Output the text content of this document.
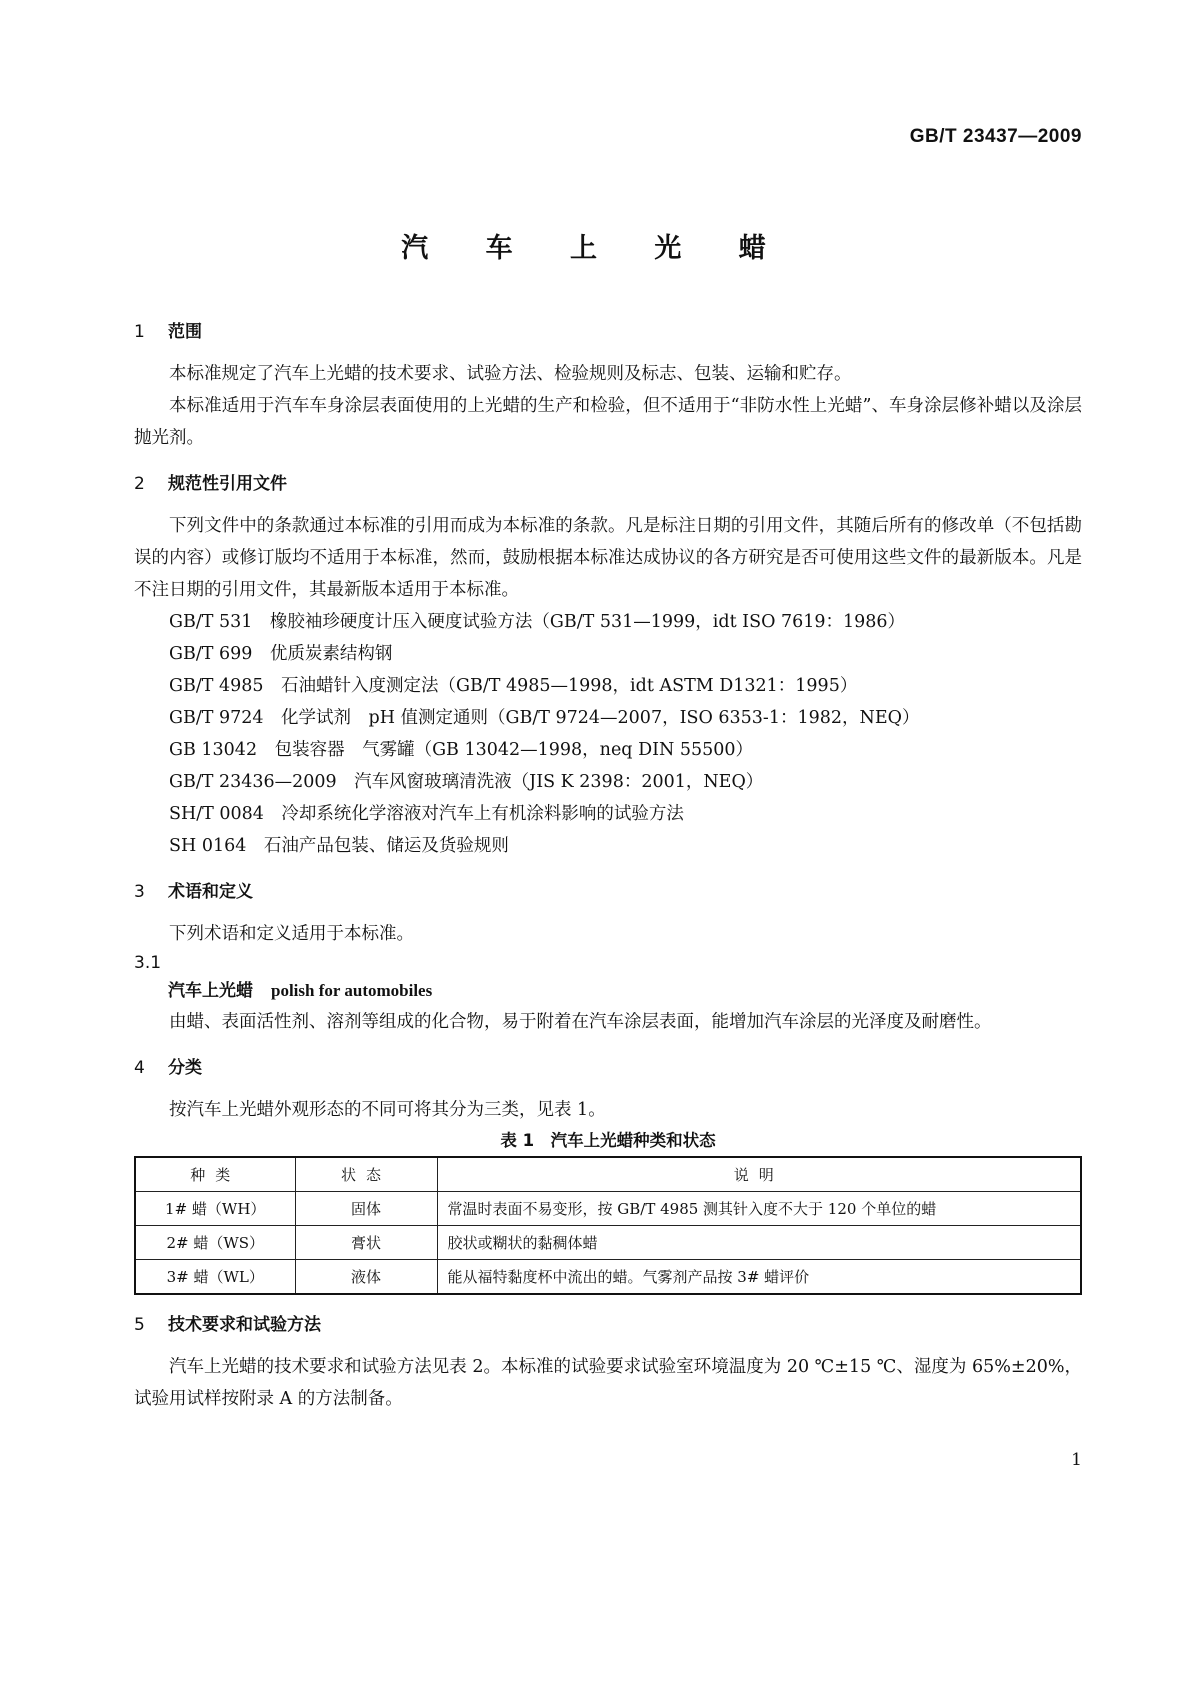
GB/T 23437—2009
汽 车 上 光 蜡
1 范围

本标准规定了汽车上光蜡的技术要求、试验方法、检验规则及标志、包装、运输和贮存。

本标准适用于汽车车身涂层表面使用的上光蜡的生产和检验，但不适用于“非防水性上光蜡”、车身涂层修补蜡以及涂层抛光剂。

2 规范性引用文件

下列文件中的条款通过本标准的引用而成为本标准的条款。凡是标注日期的引用文件，其随后所有的修改单（不包括勘误的内容）或修订版均不适用于本标准，然而，鼓励根据本标准达成协议的各方研究是否可使用这些文件的最新版本。凡是不注日期的引用文件，其最新版本适用于本标准。

GB/T 531　橡胶袖珍硬度计压入硬度试验方法（GB/T 531—1999，idt ISO 7619：1986）

GB/T 699　优质炭素结构钢

GB/T 4985　石油蜡针入度测定法（GB/T 4985—1998，idt ASTM D1321：1995）

GB/T 9724　化学试剂　pH 值测定通则（GB/T 9724—2007，ISO 6353-1：1982，NEQ）

GB 13042　包装容器　气雾罐（GB 13042—1998，neq DIN 55500）

GB/T 23436—2009　汽车风窗玻璃清洗液（JIS K 2398：2001，NEQ）

SH/T 0084　冷却系统化学溶液对汽车上有机涂料影响的试验方法

SH 0164　石油产品包装、储运及货验规则

3 术语和定义

下列术语和定义适用于本标准。

3.1
汽车上光蜡 polish for automobiles

由蜡、表面活性剂、溶剂等组成的化合物，易于附着在汽车涂层表面，能增加汽车涂层的光泽度及耐磨性。

4 分类

按汽车上光蜡外观形态的不同可将其分为三类，见表 1。

表 1　汽车上光蜡种类和状态
种类	状态	说明
1# 蜡（WH）	固体	常温时表面不易变形，按 GB/T 4985 测其针入度不大于 120 个单位的蜡
2# 蜡（WS）	膏状	胶状或糊状的黏稠体蜡
3# 蜡（WL）	液体	能从福特黏度杯中流出的蜡。气雾剂产品按 3# 蜡评价
5 技术要求和试验方法

汽车上光蜡的技术要求和试验方法见表 2。本标准的试验要求试验室环境温度为 20 ℃±15 ℃、湿度为 65%±20%，试验用试样按附录 A 的方法制备。

1
